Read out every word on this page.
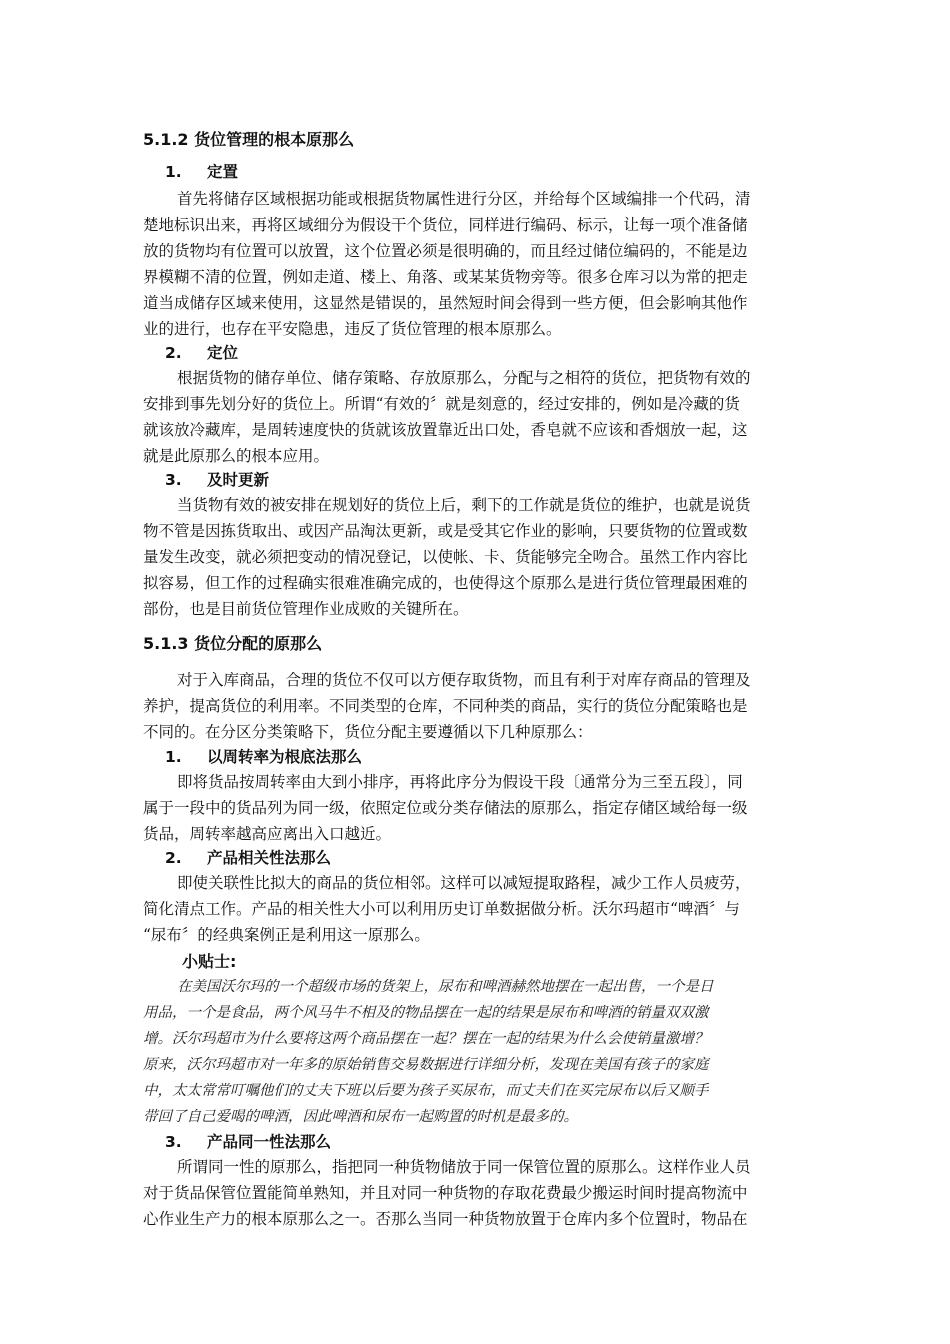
5.1.2 货位管理的根本原那么
1. 定置
首先将储存区域根据功能或根据货物属性进行分区，并给每个区域编排一个代码，清
楚地标识出来，再将区域细分为假设干个货位，同样进行编码、标示，让每一项个准备储
放的货物均有位置可以放置，这个位置必须是很明确的，而且经过储位编码的，不能是边
界模糊不清的位置，例如走道、楼上、角落、或某某货物旁等。很多仓库习以为常的把走
道当成储存区域来使用，这显然是错误的，虽然短时间会得到一些方便，但会影响其他作
业的进行，也存在平安隐患，违反了货位管理的根本原那么。
2. 定位
根据货物的储存单位、储存策略、存放原那么，分配与之相符的货位，把货物有效的
安排到事先划分好的货位上。所谓“有效的〞就是刻意的，经过安排的，例如是冷藏的货
就该放冷藏库，是周转速度快的货就该放置靠近出口处，香皂就不应该和香烟放一起，这
就是此原那么的根本应用。
3. 及时更新
当货物有效的被安排在规划好的货位上后，剩下的工作就是货位的维护，也就是说货
物不管是因拣货取出、或因产品淘汰更新，或是受其它作业的影响，只要货物的位置或数
量发生改变，就必须把变动的情况登记，以使帐、卡、货能够完全吻合。虽然工作内容比
拟容易，但工作的过程确实很难准确完成的，也使得这个原那么是进行货位管理最困难的
部份，也是目前货位管理作业成败的关键所在。
5.1.3 货位分配的原那么
对于入库商品，合理的货位不仅可以方便存取货物，而且有利于对库存商品的管理及
养护，提高货位的利用率。不同类型的仓库，不同种类的商品，实行的货位分配策略也是
不同的。在分区分类策略下，货位分配主要遵循以下几种原那么：
1. 以周转率为根底法那么
即将货品按周转率由大到小排序，再将此序分为假设干段〔通常分为三至五段〕，同
属于一段中的货品列为同一级，依照定位或分类存储法的原那么，指定存储区域给每一级
货品，周转率越高应离出入口越近。
2. 产品相关性法那么
即使关联性比拟大的商品的货位相邻。这样可以减短提取路程，减少工作人员疲劳，
简化清点工作。产品的相关性大小可以利用历史订单数据做分析。沃尔玛超市“啤酒〞与
“尿布〞的经典案例正是利用这一原那么。
小贴士:
在美国沃尔玛的一个超级市场的货架上，尿布和啤酒赫然地摆在一起出售，一个是日
用品，一个是食品，两个风马牛不相及的物品摆在一起的结果是尿布和啤酒的销量双双激
增。沃尔玛超市为什么要将这两个商品摆在一起？摆在一起的结果为什么会使销量激增？
原来，沃尔玛超市对一年多的原始销售交易数据进行详细分析，发现在美国有孩子的家庭
中，太太常常叮嘱他们的丈夫下班以后要为孩子买尿布，而丈夫们在买完尿布以后又顺手
带回了自己爱喝的啤酒，因此啤酒和尿布一起购置的时机是最多的。
3. 产品同一性法那么
所谓同一性的原那么，指把同一种货物储放于同一保管位置的原那么。这样作业人员
对于货品保管位置能简单熟知，并且对同一种货物的存取花费最少搬运时间时提高物流中
心作业生产力的根本原那么之一。否那么当同一种货物放置于仓库内多个位置时，物品在
